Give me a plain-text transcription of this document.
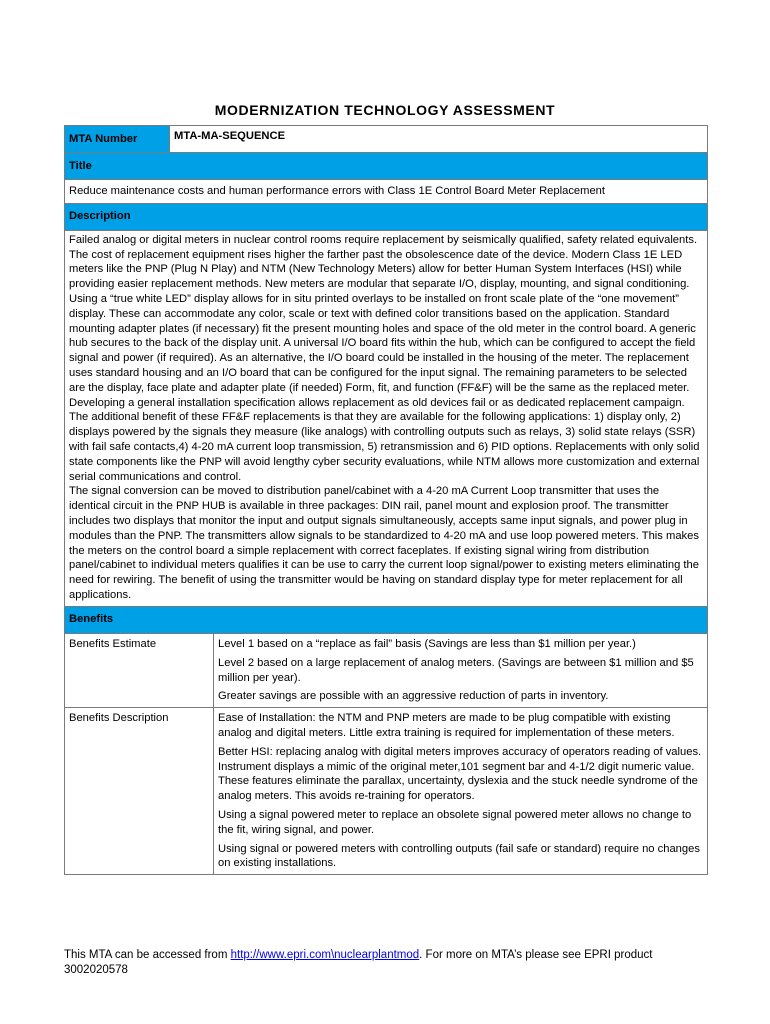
MODERNIZATION TECHNOLOGY ASSESSMENT
MTA Number	MTA-MA-SEQUENCE
Title
Reduce maintenance costs and human performance errors with Class 1E Control Board Meter Replacement
Description

Failed analog or digital meters in nuclear control rooms require replacement by seismically qualified, safety related equivalents. The cost of replacement equipment rises higher the farther past the obsolescence date of the device. Modern Class 1E LED meters like the PNP (Plug N Play) and NTM (New Technology Meters) allow for better Human System Interfaces (HSI) while providing easier replacement methods. New meters are modular that separate I/O, display, mounting, and signal conditioning. Using a “true white LED” display allows for in situ printed overlays to be installed on front scale plate of the “one movement” display. These can accommodate any color, scale or text with defined color transitions based on the application. Standard mounting adapter plates (if necessary) fit the present mounting holes and space of the old meter in the control board. A generic hub secures to the back of the display unit. A universal I/O board fits within the hub, which can be configured to accept the field signal and power (if required). As an alternative, the I/O board could be installed in the housing of the meter. The replacement uses standard housing and an I/O board that can be configured for the input signal. The remaining parameters to be selected are the display, face plate and adapter plate (if needed) Form, fit, and function (FF&F) will be the same as the replaced meter. Developing a general installation specification allows replacement as old devices fail or as dedicated replacement campaign. The additional benefit of these FF&F replacements is that they are available for the following applications: 1) display only, 2) displays powered by the signals they measure (like analogs) with controlling outputs such as relays, 3) solid state relays (SSR) with fail safe contacts,4) 4-20 mA current loop transmission, 5) retransmission and 6) PID options. Replacements with only solid state components like the PNP will avoid lengthy cyber security evaluations, while NTM allows more customization and external serial communications and control.

The signal conversion can be moved to distribution panel/cabinet with a 4-20 mA Current Loop transmitter that uses the identical circuit in the PNP HUB is available in three packages: DIN rail, panel mount and explosion proof. The transmitter includes two displays that monitor the input and output signals simultaneously, accepts same input signals, and power plug in modules than the PNP. The transmitters allow signals to be standardized to 4-20 mA and use loop powered meters. This makes the meters on the control board a simple replacement with correct faceplates. If existing signal wiring from distribution panel/cabinet to individual meters qualifies it can be use to carry the current loop signal/power to existing meters eliminating the need for rewiring. The benefit of using the transmitter would be having on standard display type for meter replacement for all applications.

Benefits
Benefits Estimate	Level 1 based on a “replace as fail” basis (Savings are less than $1 million per year.)

Level 2 based on a large replacement of analog meters. (Savings are between $1 million and $5 million per year).

Greater savings are possible with an aggressive reduction of parts in inventory.

Benefits Description	Ease of Installation: the NTM and PNP meters are made to be plug compatible with existing analog and digital meters. Little extra training is required for implementation of these meters.

Better HSI: replacing analog with digital meters improves accuracy of operators reading of values. Instrument displays a mimic of the original meter,101 segment bar and 4-1/2 digit numeric value. These features eliminate the parallax, uncertainty, dyslexia and the stuck needle syndrome of the analog meters. This avoids re-training for operators.

Using a signal powered meter to replace an obsolete signal powered meter allows no change to the fit, wiring signal, and power.

Using signal or powered meters with controlling outputs (fail safe or standard) require no changes on existing installations.

This MTA can be accessed from http://www.epri.com\nuclearplantmod. For more on MTA’s please see EPRI product 3002020578
